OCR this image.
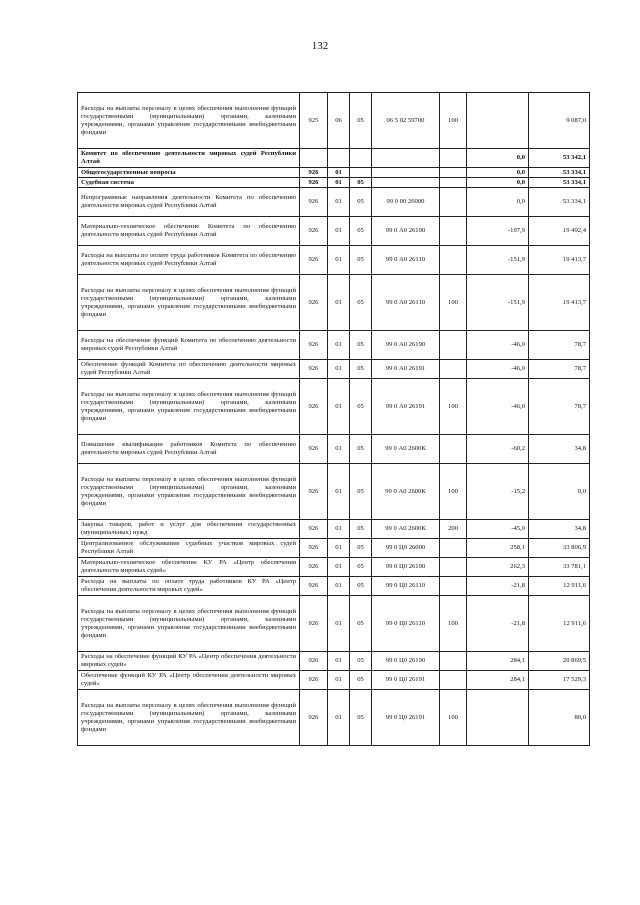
132
Расходы на выплаты персоналу в целях обеспечения выполнения функций государственными (муниципальными) органами, казенными учреждениями, органами управления государственными внебюджетными фондами	925	06	05	06 5 02 59700	100		9 087,0
Комитет по обеспечению деятельности мировых судей Республики Алтай						0,0	53 342,1
Общегосударственные вопросы	926	01				0,0	53 334,1
Судебная система	926	01	05			0,0	53 334,1
Непрограммные направления деятельности Комитета по обеспечению деятельности мировых судей Республики Алтай	926	01	05	99 0 00 26000		0,0	53 334,1
Материально-техническое обеспечение Комитета по обеспечению деятельности мировых судей Республики Алтай	926	01	05	99 0 А0 26100		-197,9	19 492,4
Расходы на выплаты по оплате труда работников Комитета по обеспечению деятельности мировых судей Республики Алтай	926	01	05	99 0 А0 26110		-151,9	19 413,7
Расходы на выплаты персоналу в целях обеспечения выполнения функций государственными (муниципальными) органами, казенными учреждениями, органами управления государственными внебюджетными фондами	926	01	05	99 0 А0 26110	100	-151,9	19 413,7
Расходы на обеспечение функций Комитета по обеспечению деятельности мировых судей Республики Алтай	926	01	05	99 0 А0 26190		-46,0	78,7
Обеспечение функций Комитета по обеспечению деятельности мировых судей Республики Алтай	926	01	05	99 0 А0 26191		-46,0	78,7
Расходы на выплаты персоналу в целях обеспечения выполнения функций государственными (муниципальными) органами, казенными учреждениями, органами управления государственными внебюджетными фондами	926	01	05	99 0 А0 26191	100	-46,0	78,7
Повышение квалификации работников Комитета по обеспечению деятельности мировых судей Республики Алтай	926	01	05	99 0 А0 2600К		-60,2	34,8
Расходы на выплаты персоналу в целях обеспечения выполнения функций государственными (муниципальными) органами, казенными учреждениями, органами управления государственными внебюджетными фондами	926	01	05	99 0 А0 2600К	100	-15,2	0,0
Закупка товаров, работ и услуг для обеспечения государственных (муниципальных) нужд	926	01	05	99 0 А0 2600К	200	-45,0	34,8
Централизованное обслуживание судебных участков мировых судей Республики Алтай	926	01	05	99 0 Ц0 26000		258,1	33 806,9
Материально-техническое обеспечение КУ РА «Центр обеспечения деятельности мировых судей»	926	01	05	99 0 Ц0 26100		262,3	33 781,1
Расходы на выплаты по оплате труда работников КУ РА «Центр обеспечения деятельности мировых судей»	926	01	05	99 0 Ц0 26110		-21,8	12 911,6
Расходы на выплаты персоналу в целях обеспечения выполнения функций государственными (муниципальными) органами, казенными учреждениями, органами управления государственными внебюджетными фондами	926	01	05	99 0 Ц0 26110	100	-21,8	12 911,6
Расходы на обеспечение функций КУ РА «Центр обеспечения деятельности мировых судей»	926	01	05	99 0 Ц0 26190		284,1	20 869,5
Обеспечение функций КУ РА «Центр обеспечения деятельности мировых судей»	926	01	05	99 0 Ц0 26191		284,1	17 529,3
Расходы на выплаты персоналу в целях обеспечения выполнения функций государственными (муниципальными) органами, казенными учреждениями, органами управления государственными внебюджетными фондами	926	01	05	99 0 Ц0 26191	100		80,0
